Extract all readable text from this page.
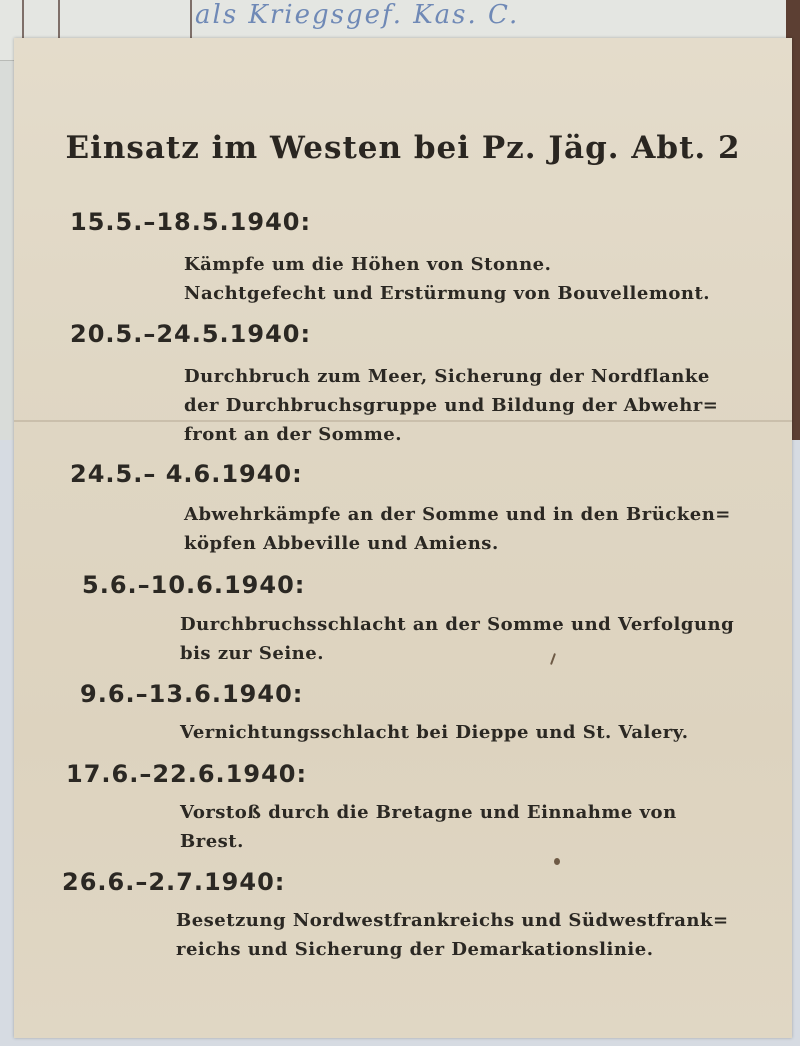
als Kriegsgef. Kas. C.
Einsatz im Westen bei Pz. Jäg. Abt. 2
15.5.–18.5.1940:
Kämpfe um die Höhen von Stonne.
Nachtgefecht und Erstürmung von Bouvellemont.
20.5.–24.5.1940:
Durchbruch zum Meer, Sicherung der Nordflanke
der Durchbruchsgruppe und Bildung der Abwehr=
front an der Somme.
24.5.– 4.6.1940:
Abwehrkämpfe an der Somme und in den Brücken=
köpfen Abbeville und Amiens.
5.6.–10.6.1940:
Durchbruchsschlacht an der Somme und Verfolgung
bis zur Seine.
9.6.–13.6.1940:
Vernichtungsschlacht bei Dieppe und St. Valery.
17.6.–22.6.1940:
Vorstoß durch die Bretagne und Einnahme von
Brest.
26.6.–2.7.1940:
Besetzung Nordwestfrankreichs und Südwestfrank=
reichs und Sicherung der Demarkationslinie.
